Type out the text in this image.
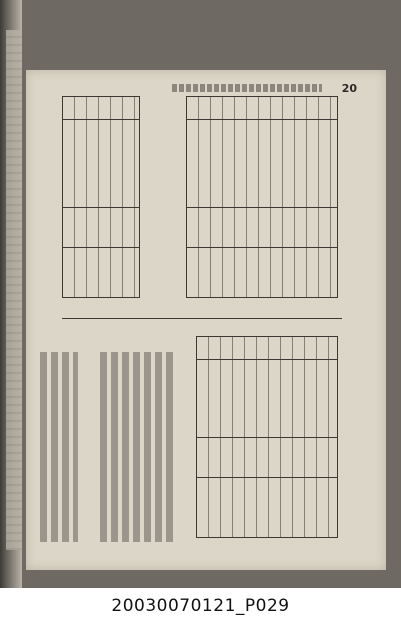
20
20030070121_P029
